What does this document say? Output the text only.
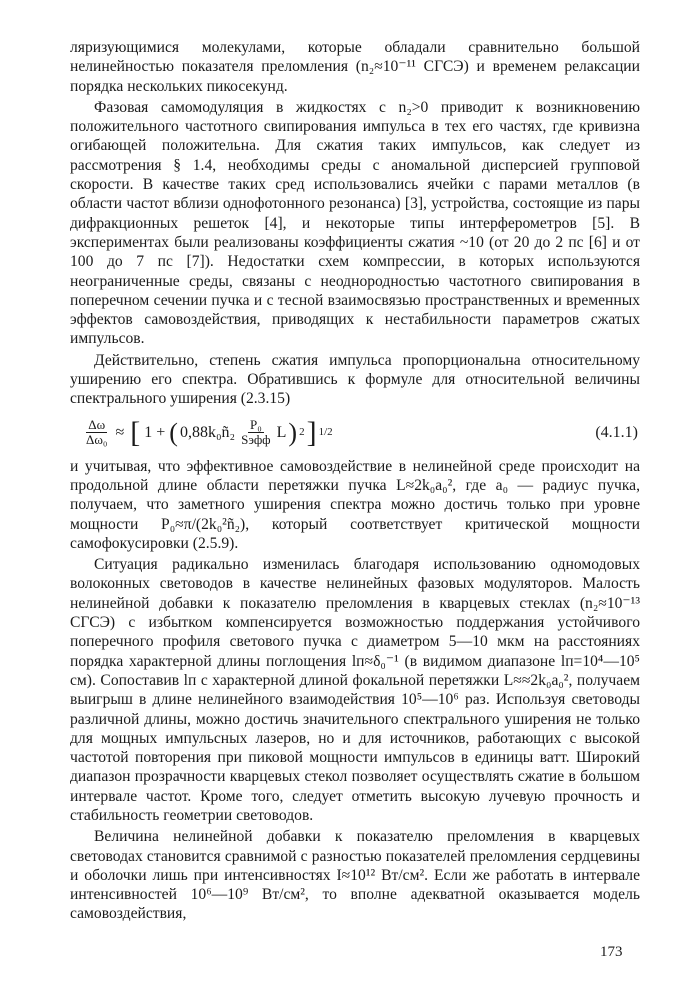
ляризующимися молекулами, которые обладали сравнительно большой нелинейностью показателя преломления (n₂≈10⁻¹¹ СГСЭ) и временем релаксации порядка нескольких пикосекунд.

Фазовая самомодуляция в жидкостях с n₂>0 приводит к возникновению положительного частотного свипирования импульса в тех его частях, где кривизна огибающей положительна. Для сжатия таких импульсов, как следует из рассмотрения § 1.4, необходимы среды с аномальной дисперсией групповой скорости. В качестве таких сред использовались ячейки с парами металлов (в области частот вблизи однофотонного резонанса) [3], устройства, состоящие из пары дифракционных решеток [4], и некоторые типы интерферометров [5]. В экспериментах были реализованы коэффициенты сжатия ~10 (от 20 до 2 пс [6] и от 100 до 7 пс [7]). Недостатки схем компрессии, в которых используются неограниченные среды, связаны с неоднородностью частотного свипирования в поперечном сечении пучка и с тесной взаимосвязью пространственных и временных эффектов самовоздействия, приводящих к нестабильности параметров сжатых импульсов.

Действительно, степень сжатия импульса пропорциональна относительному уширению его спектра. Обратившись к формуле для относительной величины спектрального уширения (2.3.15)

$\frac{\Delta\omega}{\text{Δω₀}}$ ≈ [ 1 + ( 0,88k₀ñ₂ $\frac{\text{P₀}}{\text{Sэфф}}$ L ) 2 ] 1/2	(4.1.1)

и учитывая, что эффективное самовоздействие в нелинейной среде происходит на продольной длине области перетяжки пучка L≈2k₀a₀², где a₀ — радиус пучка, получаем, что заметного уширения спектра можно достичь только при уровне мощности P₀≈π/(2k₀²ñ₂), который соответствует критической мощности самофокусировки (2.5.9).

Ситуация радикально изменилась благодаря использованию одномодовых волоконных световодов в качестве нелинейных фазовых модуляторов. Малость нелинейной добавки к показателю преломления в кварцевых стеклах (n₂≈10⁻¹³ СГСЭ) с избытком компенсируется возможностью поддержания устойчивого поперечного профиля светового пучка с диаметром 5—10 мкм на расстояниях порядка характерной длины поглощения lп≈δ₀⁻¹ (в видимом диапазоне lп=10⁴—10⁵ см). Сопоставив lп с характерной длиной фокальной перетяжки L≈≈2k₀a₀², получаем выигрыш в длине нелинейного взаимодействия 10⁵—10⁶ раз. Используя световоды различной длины, можно достичь значительного спектрального уширения не только для мощных импульсных лазеров, но и для источников, работающих с высокой частотой повторения при пиковой мощности импульсов в единицы ватт. Широкий диапазон прозрачности кварцевых стекол позволяет осуществлять сжатие в большом интервале частот. Кроме того, следует отметить высокую лучевую прочность и стабильность геометрии световодов.

Величина нелинейной добавки к показателю преломления в кварцевых световодах становится сравнимой с разностью показателей преломления сердцевины и оболочки лишь при интенсивностях I≈10¹² Вт/см². Если же работать в интервале интенсивностей 10⁶—10⁹ Вт/см², то вполне адекватной оказывается модель самовоздействия,

173
